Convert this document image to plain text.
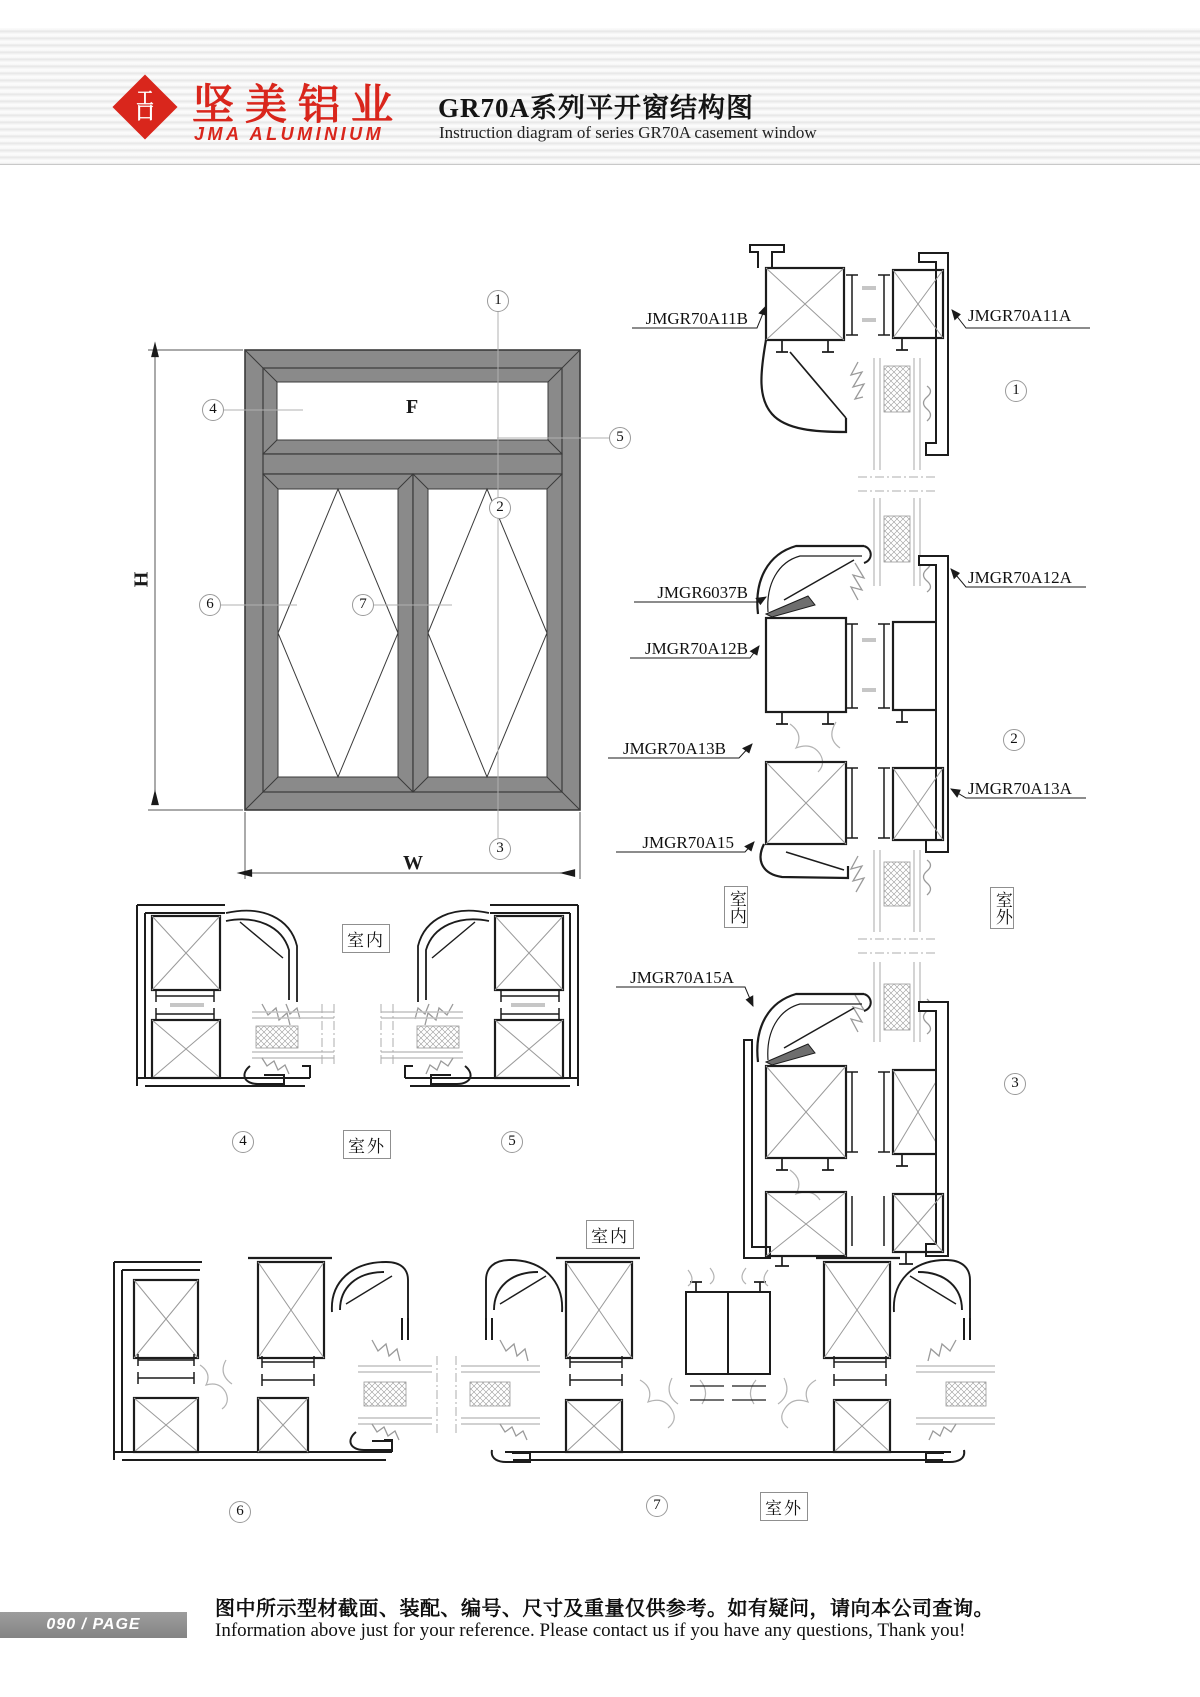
H
W
F
1
2
3
4
5
6	7
1
2
3
4	5
6	7
JMGR70A11B	JMGR70A11A
JMGR6037B
JMGR70A12A
JMGR70A12B
JMGR70A13B
JMGR70A13A
JMGR70A15
JMGR70A15A
室内	室外
室内
室外
室内
室外
工
口 坚美铝业
JMA ALUMINIUM
GR70A系列平开窗结构图
Instruction diagram of series GR70A casement window
090 / PAGE
图中所示型材截面、装配、编号、尺寸及重量仅供参考。如有疑问，请向本公司查询。
Information above just for your reference. Please contact us if you have any questions, Thank you!
